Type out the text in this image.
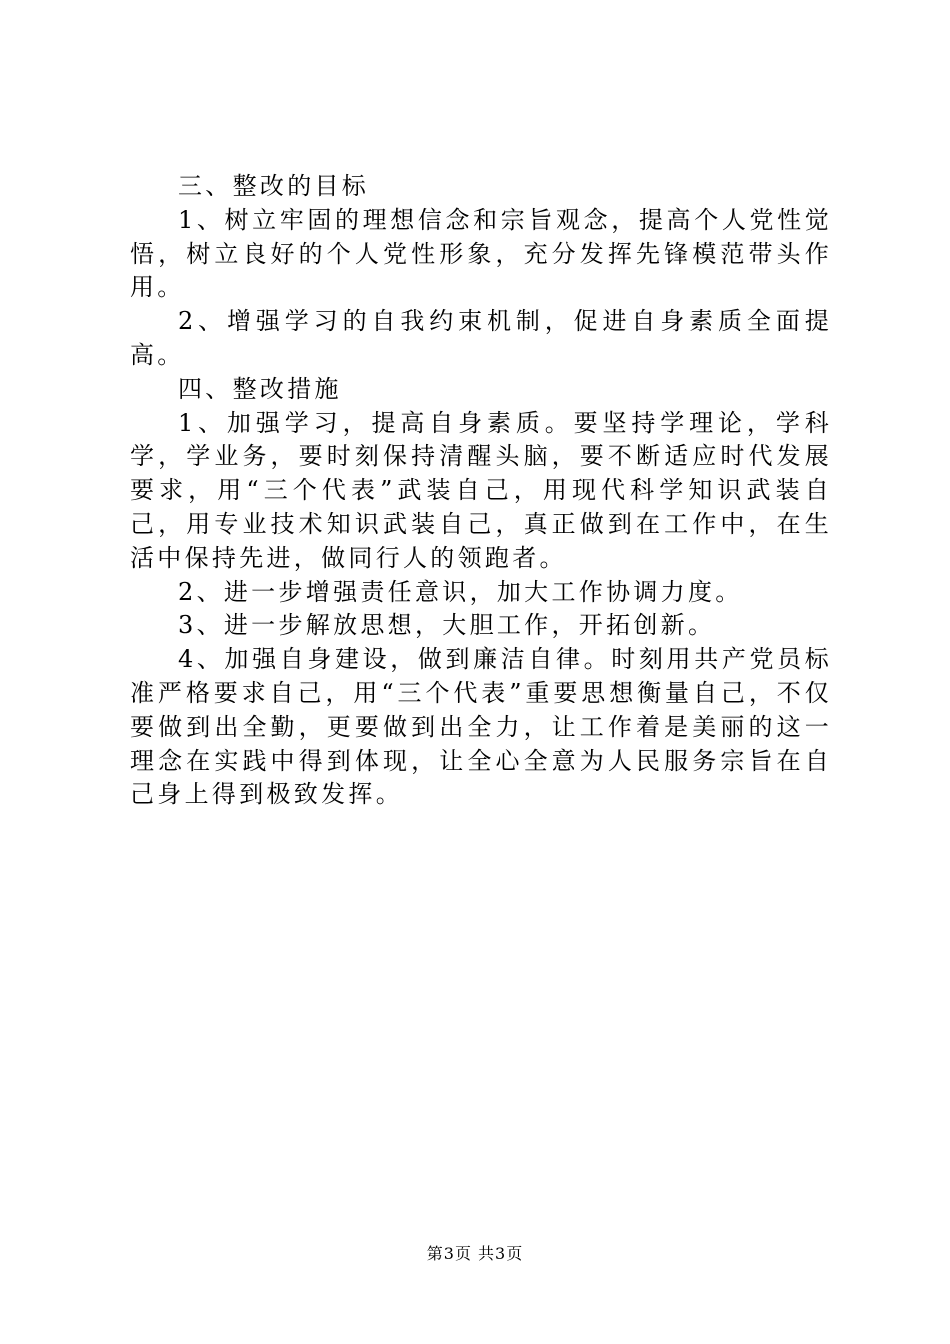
三、整改的目标

1、树立牢固的理想信念和宗旨观念，提高个人党性觉悟，树立良好的个人党性形象，充分发挥先锋模范带头作用。

2、增强学习的自我约束机制，促进自身素质全面提高。

四、整改措施

1、加强学习，提高自身素质。要坚持学理论，学科学，学业务，要时刻保持清醒头脑，要不断适应时代发展要求，用“三个代表”武装自己，用现代科学知识武装自己，用专业技术知识武装自己，真正做到在工作中，在生活中保持先进，做同行人的领跑者。

2、进一步增强责任意识，加大工作协调力度。

3、进一步解放思想，大胆工作，开拓创新。

4、加强自身建设，做到廉洁自律。时刻用共产党员标准严格要求自己，用“三个代表”重要思想衡量自己，不仅要做到出全勤，更要做到出全力，让工作着是美丽的这一理念在实践中得到体现，让全心全意为人民服务宗旨在自己身上得到极致发挥。

第3页 共3页
